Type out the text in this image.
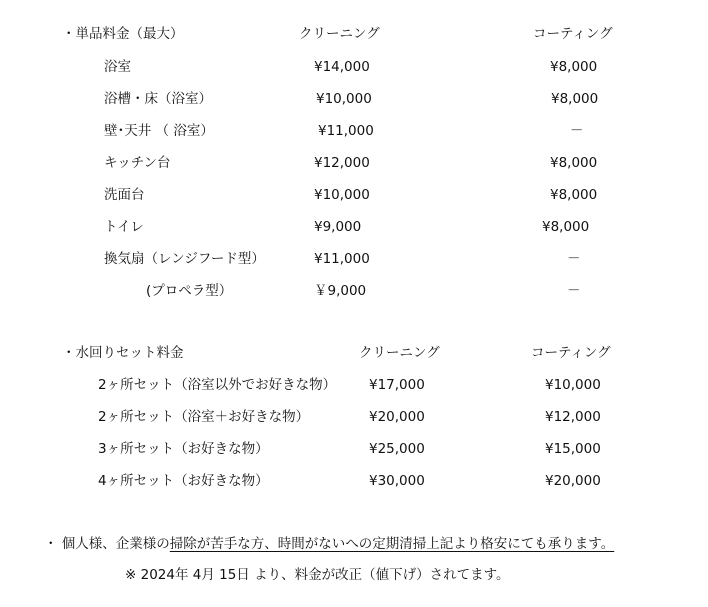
・単品料金（最大）	クリーニング	コーティング
浴室	¥14,000	¥8,000
浴槽・床（浴室）	¥10,000	¥8,000
壁･天井 （ 浴室）	¥11,000	－
キッチン台	¥12,000	¥8,000
洗面台	¥10,000	¥8,000
トイレ	¥9,000	¥8,000
換気扇（レンジフード型）	¥11,000	－
(プロペラ型）	￥9,000	－
・水回りセット料金	クリーニング	コーティング
2ヶ所セット（浴室以外でお好きな物） ¥17,000	¥10,000
2ヶ所セット（浴室＋お好きな物）	¥20,000	¥12,000
3ヶ所セット（お好きな物）	¥25,000	¥15,000
4ヶ所セット（お好きな物）	¥30,000	¥20,000
・ 個人様、企業様の掃除が苦手な方、時間がないへの定期清掃上記より格安にても承ります。
※ 2024年 4月 15日 より、料金が改正（値下げ）されてます。
